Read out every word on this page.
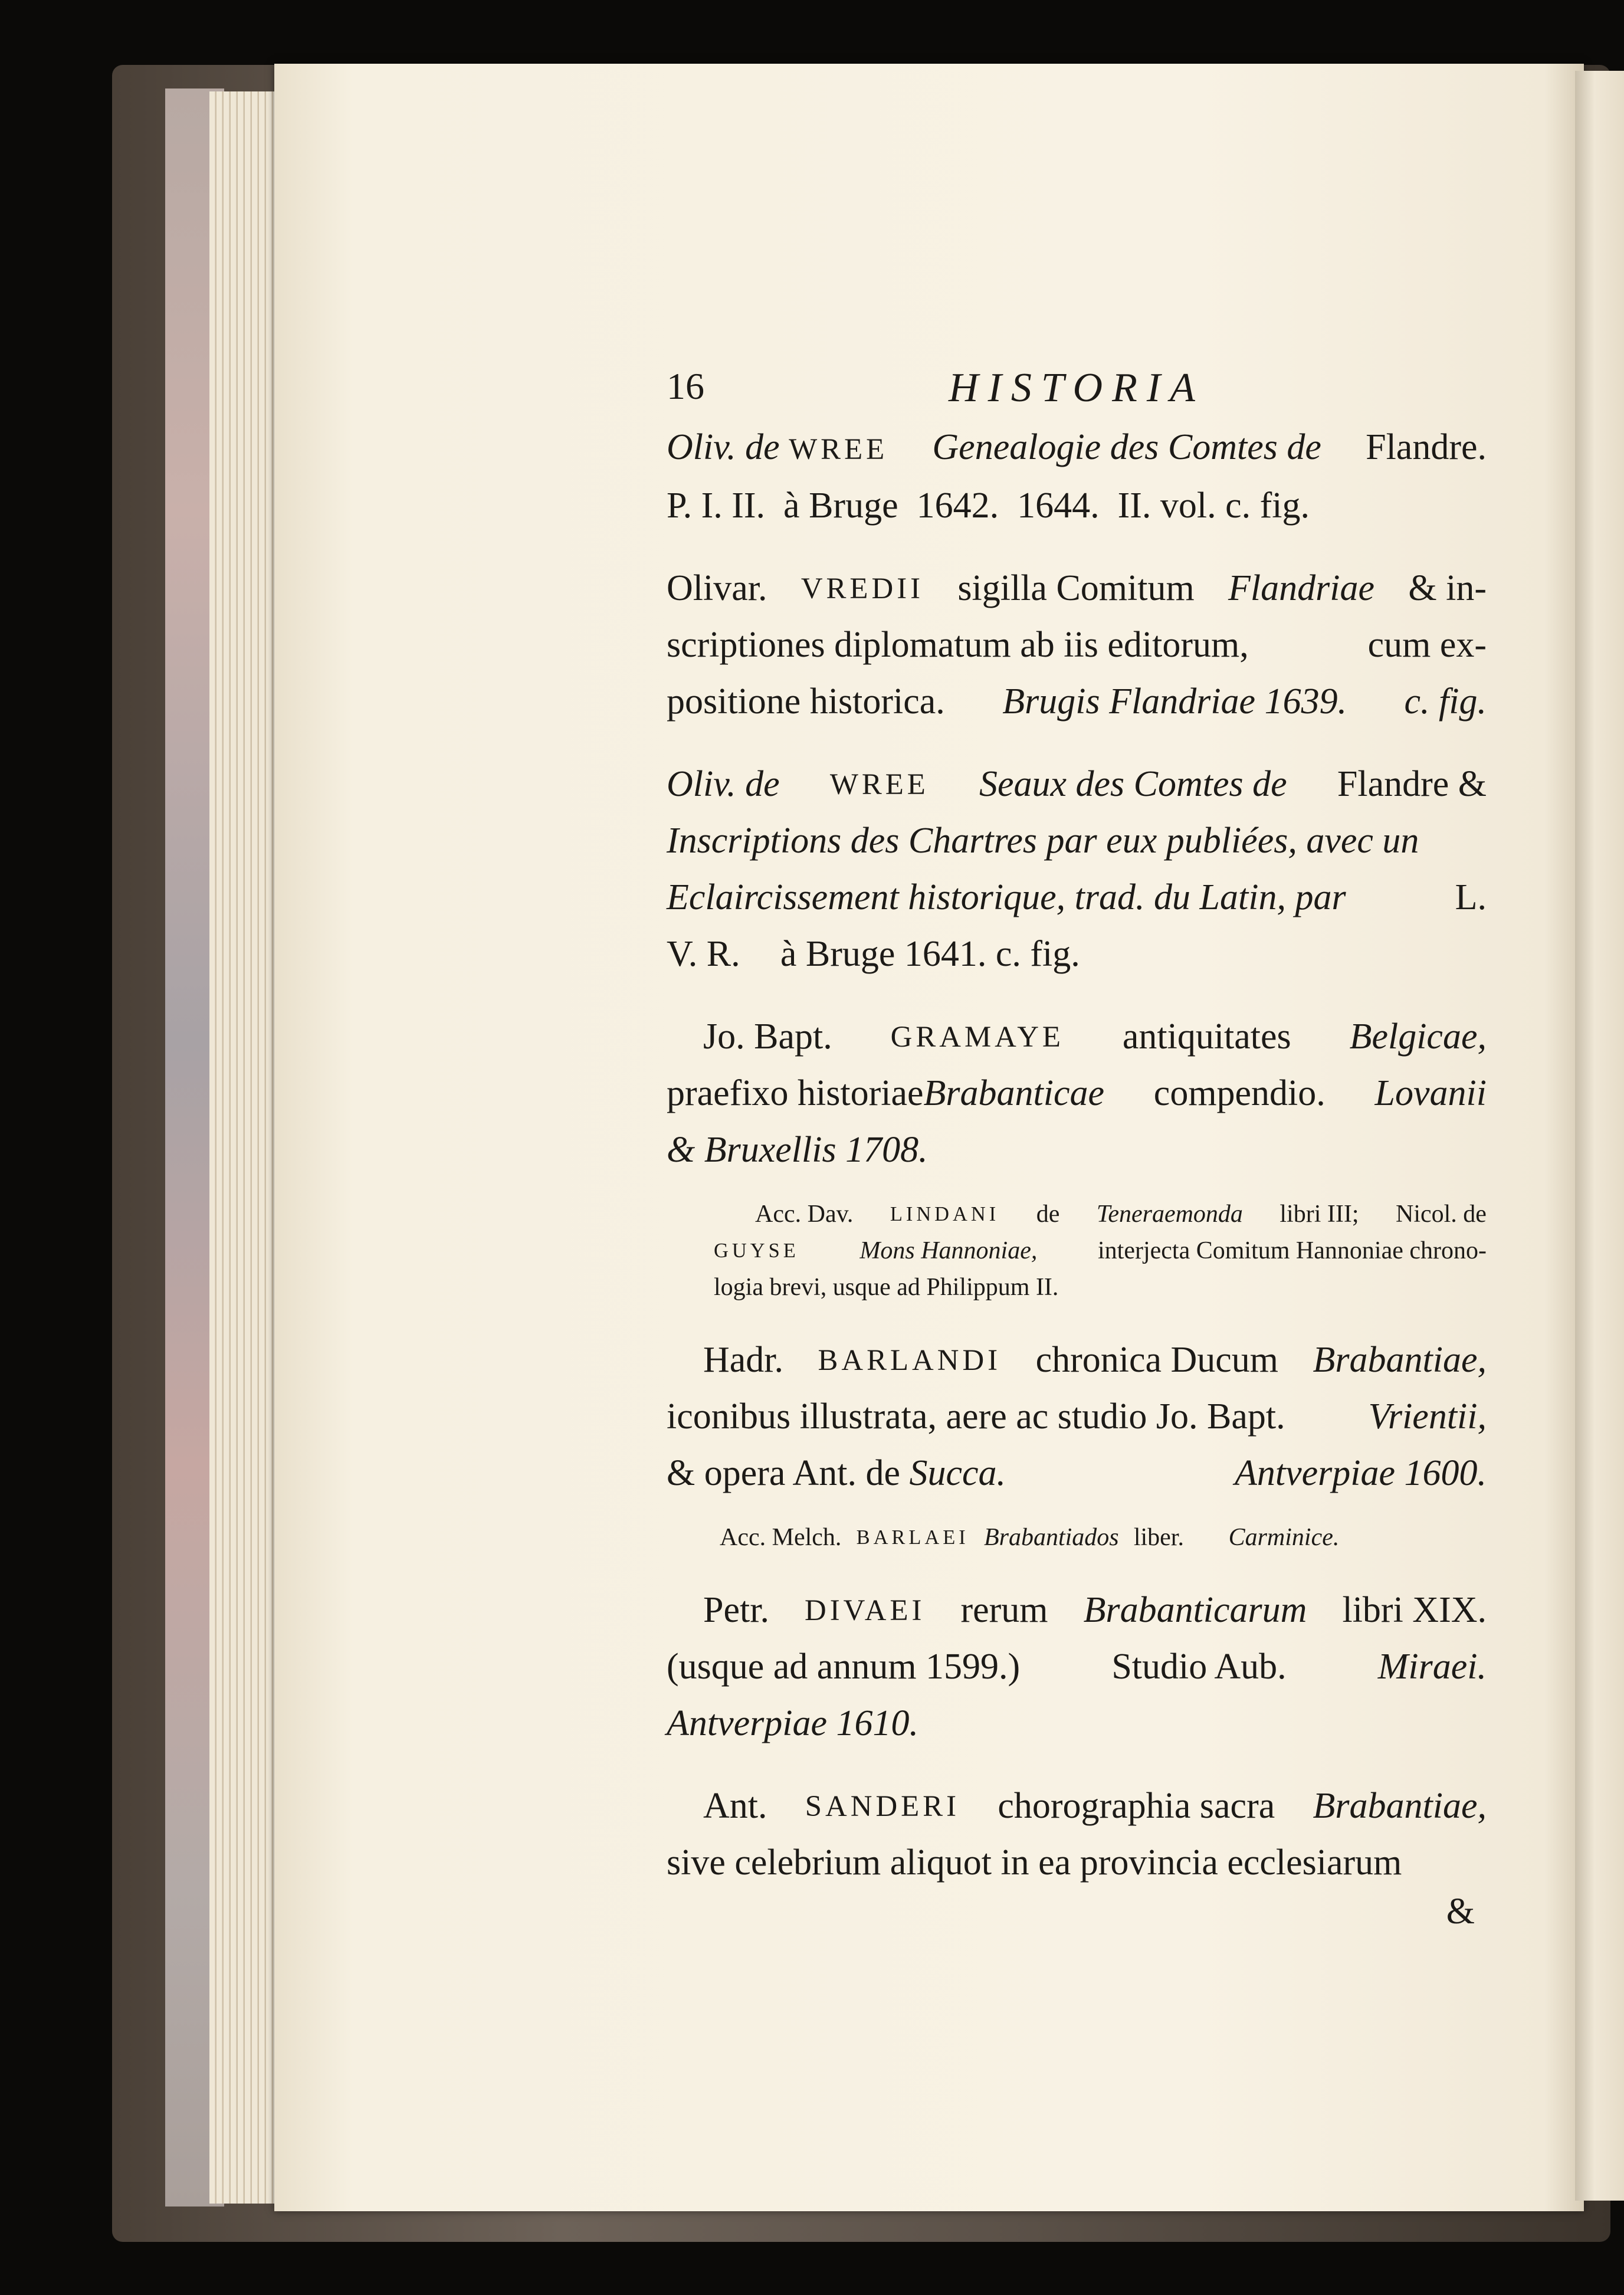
16	HISTORIA
Oliv. de WREE Genealogie des Comtes de Flandre.
P. I. II.  à Bruge  1642.  1644.  II. vol. c. fig.
Olivar. VREDII sigilla Comitum Flandriae & in-
scriptiones diplomatum ab iis editorum,	cum ex-
positione historica. Brugis Flandriae 1639. c. fig.
Oliv. de WREE Seaux des Comtes de Flandre &
Inscriptions des Chartres par eux publiées, avec un
Eclaircissement historique, trad. du Latin, par	L.
V. R.	à Bruge 1641. c. fig.
Jo. Bapt. GRAMAYE antiquitates Belgicae,
praefixo historiaeBrabanticae compendio. Lovanii
& Bruxellis 1708.
Acc. Dav. LINDANI de Teneraemonda libri III; Nicol. de
GUYSE Mons Hannoniae, interjecta Comitum Hannoniae chrono-
logia brevi, usque ad Philippum II.
Hadr. BARLANDI chronica Ducum Brabantiae,
iconibus illustrata, aere ac studio Jo. Bapt. Vrientii,
& opera Ant. de Succa.	Antverpiae 1600.
Acc. Melch. BARLAEI Brabantiados liber.	Carminice.
Petr. DIVAEI rerum Brabanticarum libri XIX.
(usque ad annum 1599.)	Studio Aub.	Miraei.
Antverpiae 1610.
Ant. SANDERI chorographia sacra Brabantiae,
sive celebrium aliquot in ea provincia ecclesiarum
&
